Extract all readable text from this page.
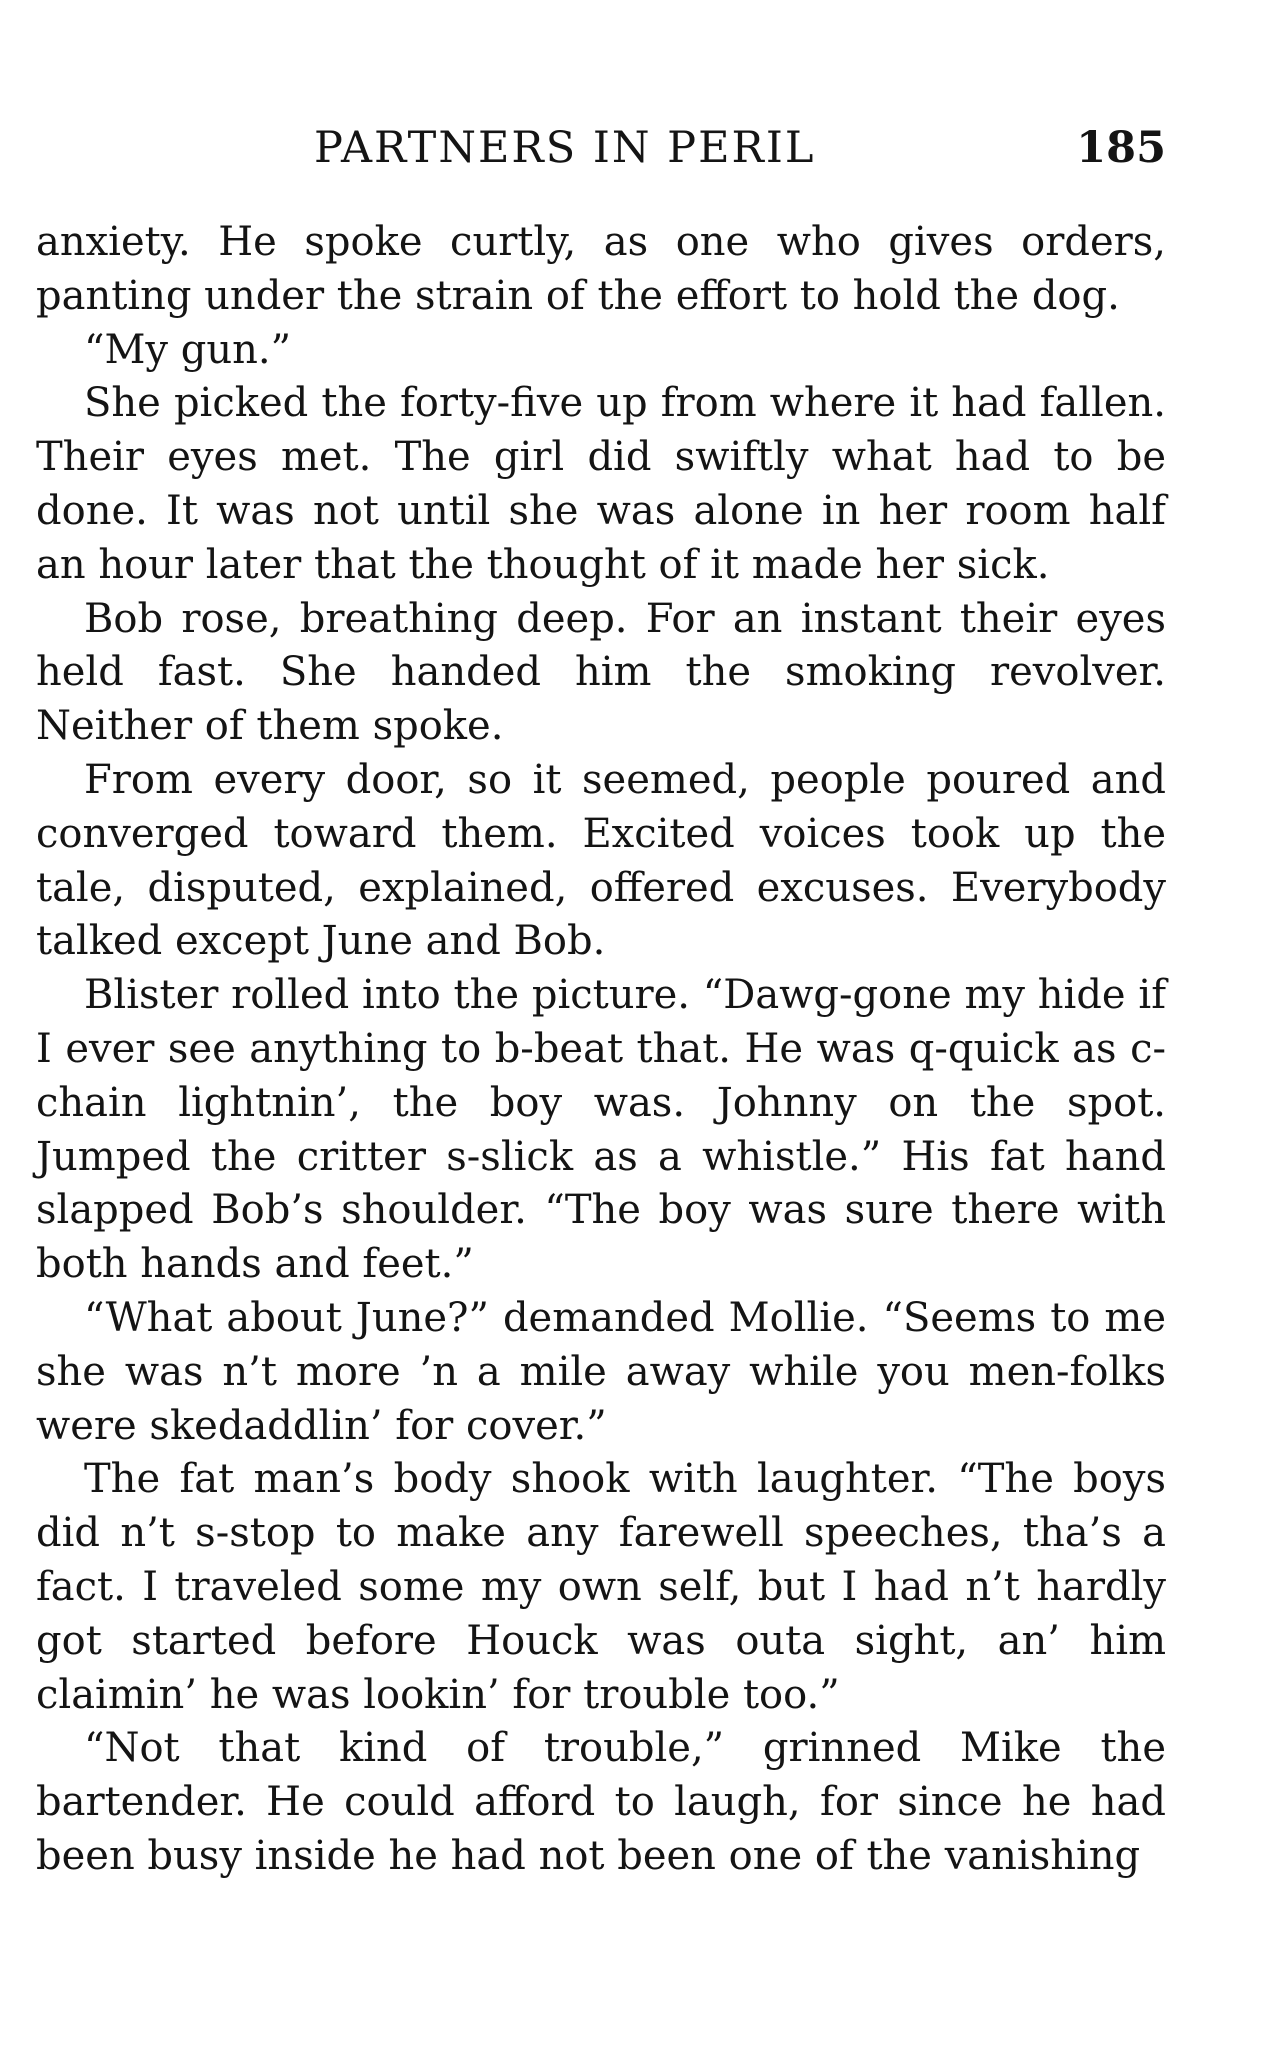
PARTNERS IN PERIL	185

anxiety. He spoke curtly, as one who gives orders, panting under the strain of the effort to hold the dog.

“My gun.”

She picked the forty-five up from where it had fallen. Their eyes met. The girl did swiftly what had to be done. It was not until she was alone in her room half an hour later that the thought of it made her sick.

Bob rose, breathing deep. For an instant their eyes held fast. She handed him the smoking revolver. Neither of them spoke.

From every door, so it seemed, people poured and converged toward them. Excited voices took up the tale, disputed, explained, offered excuses. Everybody talked except June and Bob.

Blister rolled into the picture. “Dawg-gone my hide if I ever see anything to b-beat that. He was q-quick as c-chain lightnin’, the boy was. Johnny on the spot. Jumped the critter s-slick as a whistle.” His fat hand slapped Bob’s shoulder. “The boy was sure there with both hands and feet.”

“What about June?” demanded Mollie. “Seems to me she was n’t more ’n a mile away while you men-folks were skedaddlin’ for cover.”

The fat man’s body shook with laughter. “The boys did n’t s-stop to make any farewell speeches, tha’s a fact. I traveled some my own self, but I had n’t hardly got started before Houck was outa sight, an’ him claimin’ he was lookin’ for trouble too.”

“Not that kind of trouble,” grinned Mike the bartender. He could afford to laugh, for since he had been busy inside he had not been one of the vanishing
